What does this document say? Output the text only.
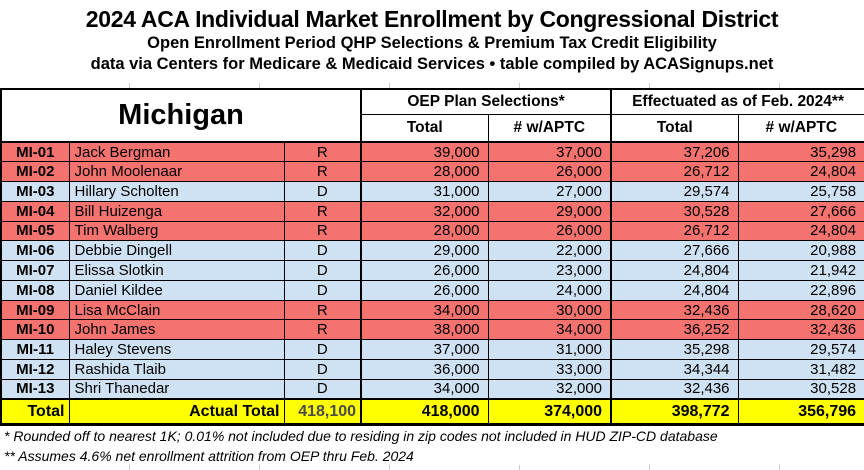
2024 ACA Individual Market Enrollment by Congressional District
Open Enrollment Period QHP Selections & Premium Tax Credit Eligibility
data via Centers for Medicare & Medicaid Services • table compiled by ACASignups.net
Michigan			OEP Plan Selections*		Effectuated as of Feb. 2024**	
			Total	# w/APTC	Total	# w/APTC
MI-01	Jack Bergman	R	39,000	37,000	37,206	35,298
MI-02	John Moolenaar	R	28,000	26,000	26,712	24,804
MI-03	Hillary Scholten	D	31,000	27,000	29,574	25,758
MI-04	Bill Huizenga	R	32,000	29,000	30,528	27,666
MI-05	Tim Walberg	R	28,000	26,000	26,712	24,804
MI-06	Debbie Dingell	D	29,000	22,000	27,666	20,988
MI-07	Elissa Slotkin	D	26,000	23,000	24,804	21,942
MI-08	Daniel Kildee	D	26,000	24,000	24,804	22,896
MI-09	Lisa McClain	R	34,000	30,000	32,436	28,620
MI-10	John James	R	38,000	34,000	36,252	32,436
MI-11	Haley Stevens	D	37,000	31,000	35,298	29,574
MI-12	Rashida Tlaib	D	36,000	33,000	34,344	31,482
MI-13	Shri Thanedar	D	34,000	32,000	32,436	30,528
Total	Actual Total	418,100	418,000	374,000	398,772	356,796
* Rounded off to nearest 1K; 0.01% not included due to residing in zip codes not included in HUD ZIP-CD database
** Assumes 4.6% net enrollment attrition from OEP thru Feb. 2024
